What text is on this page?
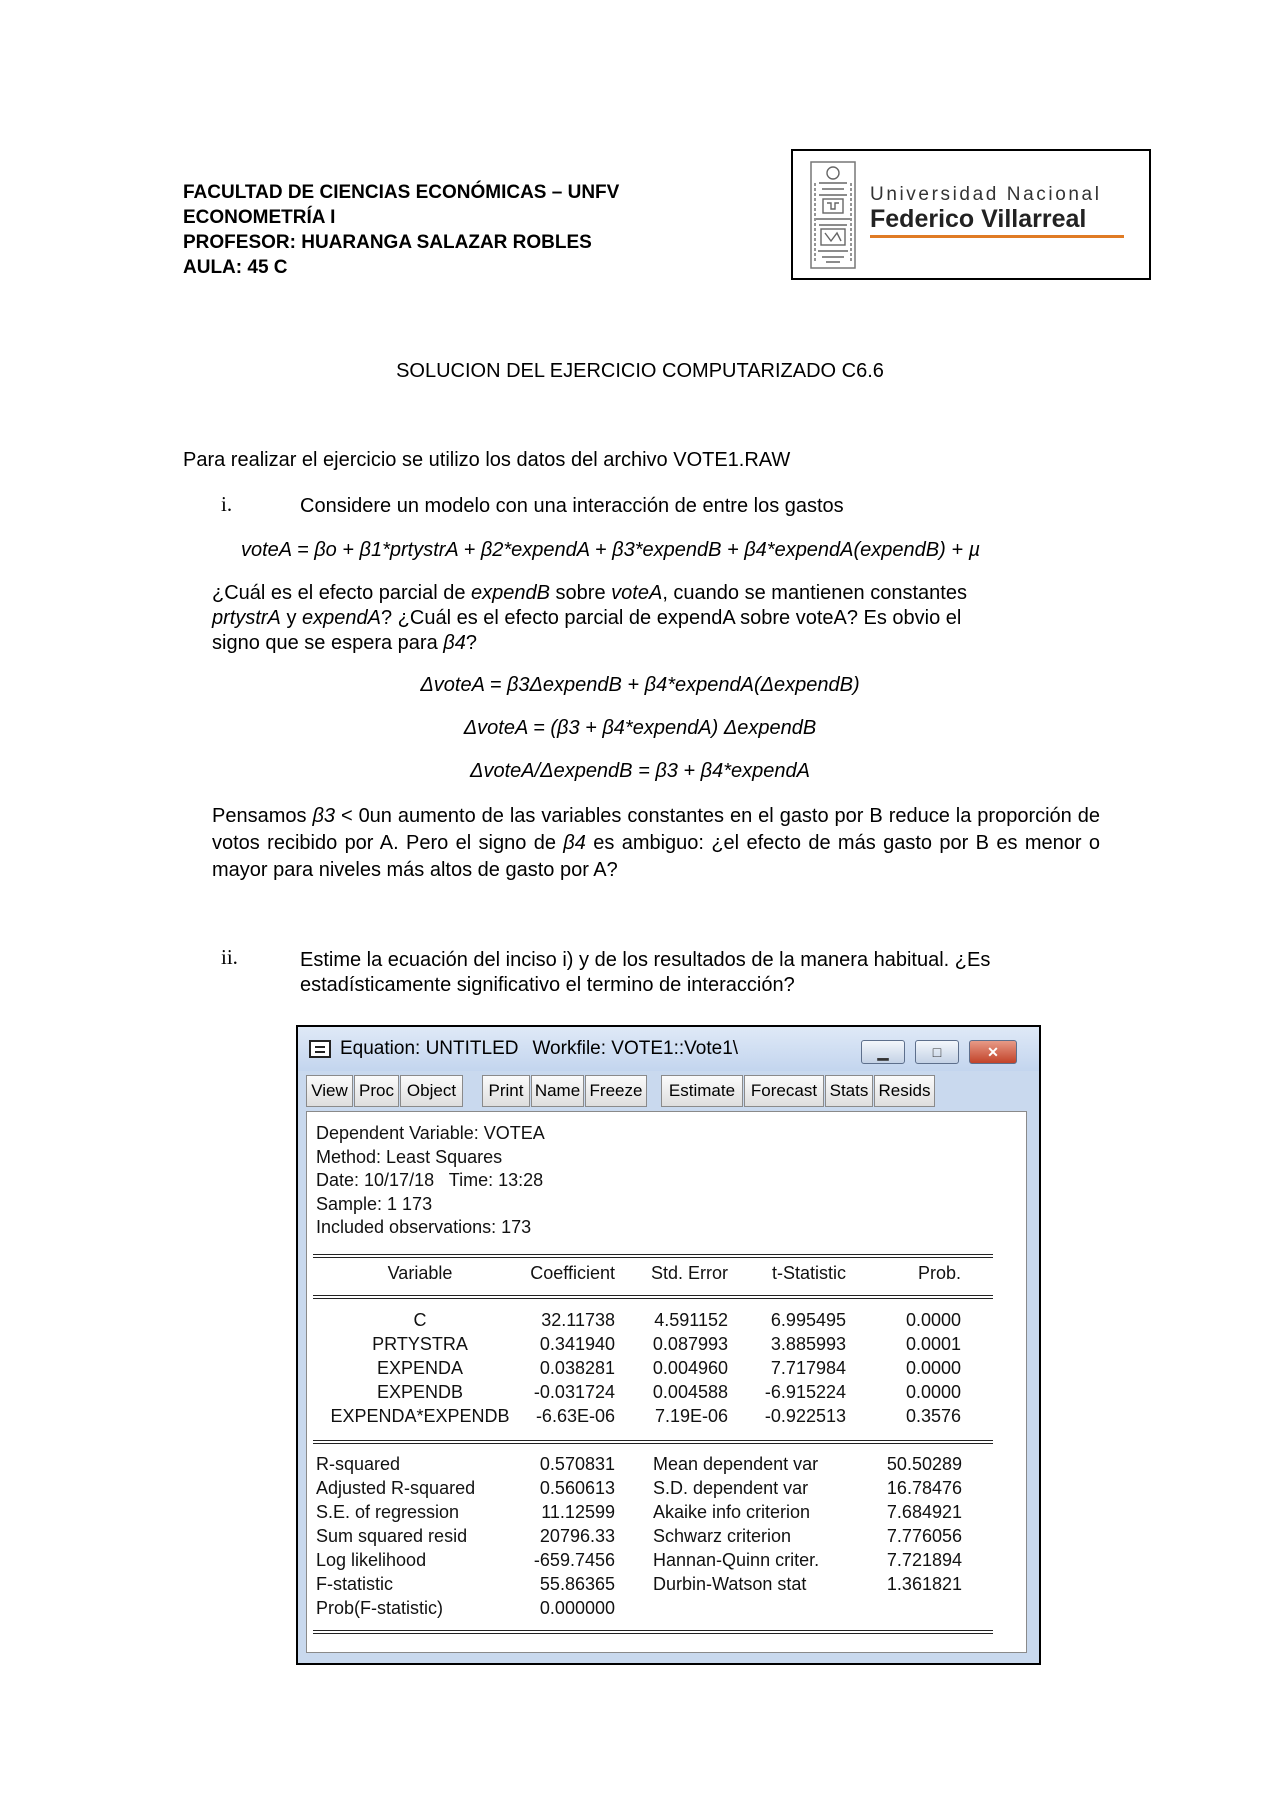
FACULTAD DE CIENCIAS ECONÓMICAS – UNFV
ECONOMETRÍA I
PROFESOR: HUARANGA SALAZAR ROBLES
AULA: 45 C
Universidad Nacional
Federico Villarreal
SOLUCION DEL EJERCICIO COMPUTARIZADO C6.6
Para realizar el ejercicio se utilizo los datos del archivo VOTE1.RAW
i.	Considere un modelo con una interacción de entre los gastos
voteA = βo + β1*prtystrA + β2*expendA + β3*expendB + β4*expendA(expendB) + µ
¿Cuál es el efecto parcial de expendB sobre voteA, cuando se mantienen constantes
prtystrA y expendA? ¿Cuál es el efecto parcial de expendA sobre voteA? Es obvio el
signo que se espera para β4?
ΔvoteA = β3ΔexpendB + β4*expendA(ΔexpendB)
ΔvoteA = (β3 + β4*expendA) ΔexpendB
ΔvoteA/ΔexpendB = β3 + β4*expendA
Pensamos β3 < 0un aumento de las variables constantes en el gasto por B reduce la proporción de votos recibido por A. Pero el signo de β4 es ambiguo: ¿el efecto de más gasto por B es menor o mayor para niveles más altos de gasto por A?
ii.	Estime la ecuación del inciso i) y de los resultados de la manera habitual. ¿Es estadísticamente significativo el termino de interacción?
Equation: UNTITLED Workfile: VOTE1::Vote1\	▁	□	✕
View Proc Object	Print Name Freeze	Estimate Forecast Stats Resids
Dependent Variable: VOTEA
Method: Least Squares
Date: 10/17/18   Time: 13:28
Sample: 1 173
Included observations: 173
Variable	Coefficient	Std. Error	t-Statistic	Prob.
C	32.11738	4.591152	6.995495	0.0000
PRTYSTRA	0.341940	0.087993	3.885993	0.0001
EXPENDA	0.038281	0.004960	7.717984	0.0000
EXPENDB	-0.031724	0.004588	-6.915224	0.0000
EXPENDA*EXPENDB	-6.63E-06	7.19E-06	-0.922513	0.3576
R-squared	0.570831 Mean dependent var	50.50289
Adjusted R-squared	0.560613 S.D. dependent var	16.78476
S.E. of regression	11.12599 Akaike info criterion	7.684921
Sum squared resid	20796.33 Schwarz criterion	7.776056
Log likelihood	-659.7456 Hannan-Quinn criter.	7.721894
F-statistic	55.86365 Durbin-Watson stat	1.361821
Prob(F-statistic)	0.000000
